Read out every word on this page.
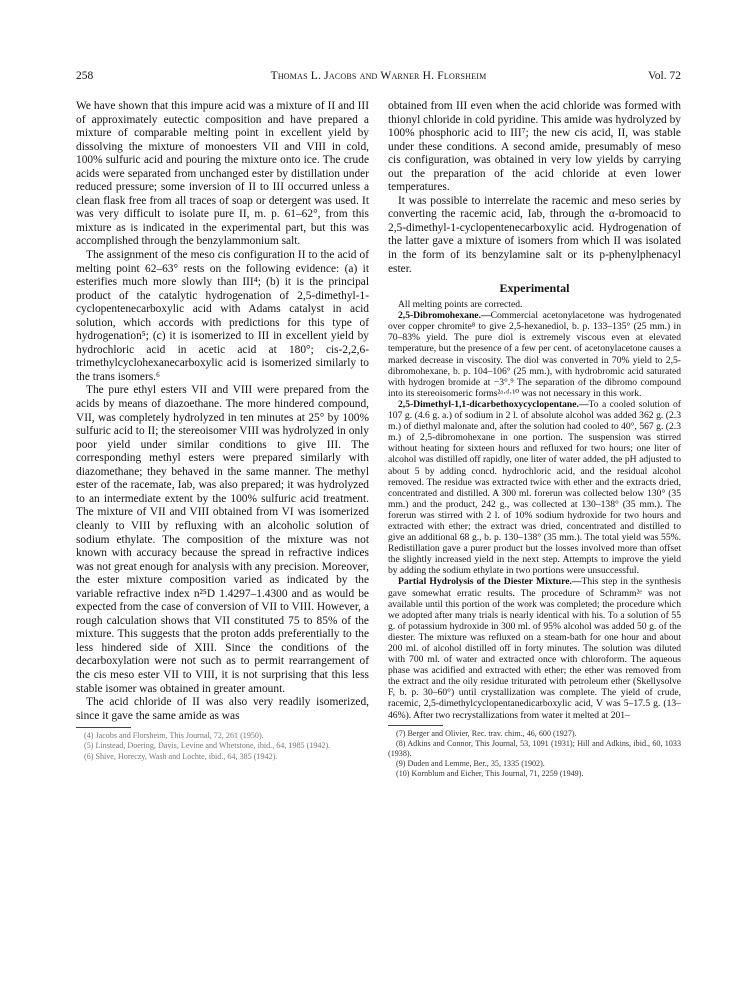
258	Thomas L. Jacobs and Warner H. Florsheim	Vol. 72

We have shown that this impure acid was a mixture of II and III of approximately eutectic composition and have prepared a mixture of comparable melting point in excellent yield by dissolving the mixture of monoesters VII and VIII in cold, 100% sulfuric acid and pouring the mixture onto ice. The crude acids were separated from unchanged ester by distillation under reduced pressure; some inversion of II to III occurred unless a clean flask free from all traces of soap or detergent was used. It was very difficult to isolate pure II, m. p. 61–62°, from this mixture as is indicated in the experimental part, but this was accomplished through the benzylammonium salt.

The assignment of the meso cis configuration II to the acid of melting point 62–63° rests on the following evidence: (a) it esterifies much more slowly than III⁴; (b) it is the principal product of the catalytic hydrogenation of 2,5-dimethyl-1-cyclopentenecarboxylic acid with Adams catalyst in acid solution, which accords with predictions for this type of hydrogenation⁵; (c) it is isomerized to III in excellent yield by hydrochloric acid in acetic acid at 180°; cis-2,2,6-trimethylcyclohexanecarboxylic acid is isomerized similarly to the trans isomers.⁶

The pure ethyl esters VII and VIII were prepared from the acids by means of diazoethane. The more hindered compound, VII, was completely hydrolyzed in ten minutes at 25° by 100% sulfuric acid to II; the stereoisomer VIII was hydrolyzed in only poor yield under similar conditions to give III. The corresponding methyl esters were prepared similarly with diazomethane; they behaved in the same manner. The methyl ester of the racemate, Iab, was also prepared; it was hydrolyzed to an intermediate extent by the 100% sulfuric acid treatment. The mixture of VII and VIII obtained from VI was isomerized cleanly to VIII by refluxing with an alcoholic solution of sodium ethylate. The composition of the mixture was not known with accuracy because the spread in refractive indices was not great enough for analysis with any precision. Moreover, the ester mixture composition varied as indicated by the variable refractive index n²⁵D 1.4297–1.4300 and as would be expected from the case of conversion of VII to VIII. However, a rough calculation shows that VII constituted 75 to 85% of the mixture. This suggests that the proton adds preferentially to the less hindered side of XIII. Since the conditions of the decarboxylation were not such as to permit rearrangement of the cis meso ester VII to VIII, it is not surprising that this less stable isomer was obtained in greater amount.

The acid chloride of II was also very readily isomerized, since it gave the same amide as was

(4) Jacobs and Florsheim, This Journal, 72, 261 (1950).

(5) Linstead, Doering, Davis, Levine and Whetstone, ibid., 64, 1985 (1942).

(6) Shive, Horeczy, Wash and Lochte, ibid., 64, 385 (1942).

obtained from III even when the acid chloride was formed with thionyl chloride in cold pyridine. This amide was hydrolyzed by 100% phosphoric acid to III⁷; the new cis acid, II, was stable under these conditions. A second amide, presumably of meso cis configuration, was obtained in very low yields by carrying out the preparation of the acid chloride at even lower temperatures.

It was possible to interrelate the racemic and meso series by converting the racemic acid, Iab, through the α-bromoacid to 2,5-dimethyl-1-cyclopentenecarboxylic acid. Hydrogenation of the latter gave a mixture of isomers from which II was isolated in the form of its benzylamine salt or its p-phenylphenacyl ester.

Experimental

All melting points are corrected.

2,5-Dibromohexane.—Commercial acetonylacetone was hydrogenated over copper chromite⁸ to give 2,5-hexanediol, b. p. 133–135° (25 mm.) in 70–83% yield. The pure diol is extremely viscous even at elevated temperature, but the presence of a few per cent. of acetonylacetone causes a marked decrease in viscosity. The diol was converted in 70% yield to 2,5-dibromohexane, b. p. 104–106° (25 mm.), with hydrobromic acid saturated with hydrogen bromide at −3°.⁹ The separation of the dibromo compound into its stereoisomeric forms²ᵃ·ᵈ·¹⁰ was not necessary in this work.

2,5-Dimethyl-1,1-dicarbethoxycyclopentane.—To a cooled solution of 107 g. (4.6 g. a.) of sodium in 2 l. of absolute alcohol was added 362 g. (2.3 m.) of diethyl malonate and, after the solution had cooled to 40°, 567 g. (2.3 m.) of 2,5-dibromohexane in one portion. The suspension was stirred without heating for sixteen hours and refluxed for two hours; one liter of alcohol was distilled off rapidly, one liter of water added, the pH adjusted to about 5 by adding concd. hydrochloric acid, and the residual alcohol removed. The residue was extracted twice with ether and the extracts dried, concentrated and distilled. A 300 ml. forerun was collected below 130° (35 mm.) and the product, 242 g., was collected at 130–138° (35 mm.). The forerun was stirred with 2 l. of 10% sodium hydroxide for two hours and extracted with ether; the extract was dried, concentrated and distilled to give an additional 68 g., b. p. 130–138° (35 mm.). The total yield was 55%. Redistillation gave a purer product but the losses involved more than offset the slightly increased yield in the next step. Attempts to improve the yield by adding the sodium ethylate in two portions were unsuccessful.

Partial Hydrolysis of the Diester Mixture.—This step in the synthesis gave somewhat erratic results. The procedure of Schramm²ᵉ was not available until this portion of the work was completed; the procedure which we adopted after many trials is nearly identical with his. To a solution of 55 g. of potassium hydroxide in 300 ml. of 95% alcohol was added 50 g. of the diester. The mixture was refluxed on a steam-bath for one hour and about 200 ml. of alcohol distilled off in forty minutes. The solution was diluted with 700 ml. of water and extracted once with chloroform. The aqueous phase was acidified and extracted with ether; the ether was removed from the extract and the oily residue triturated with petroleum ether (Skellysolve F, b. p. 30–60°) until crystallization was complete. The yield of crude, racemic, 2,5-dimethylcyclopentanedicarboxylic acid, V was 5–17.5 g. (13–46%). After two recrystallizations from water it melted at 201–

(7) Berger and Olivier, Rec. trav. chim., 46, 600 (1927).

(8) Adkins and Connor, This Journal, 53, 1091 (1931); Hill and Adkins, ibid., 60, 1033 (1938).

(9) Duden and Lemme, Ber., 35, 1335 (1902).

(10) Kornblum and Eicher, This Journal, 71, 2259 (1949).
